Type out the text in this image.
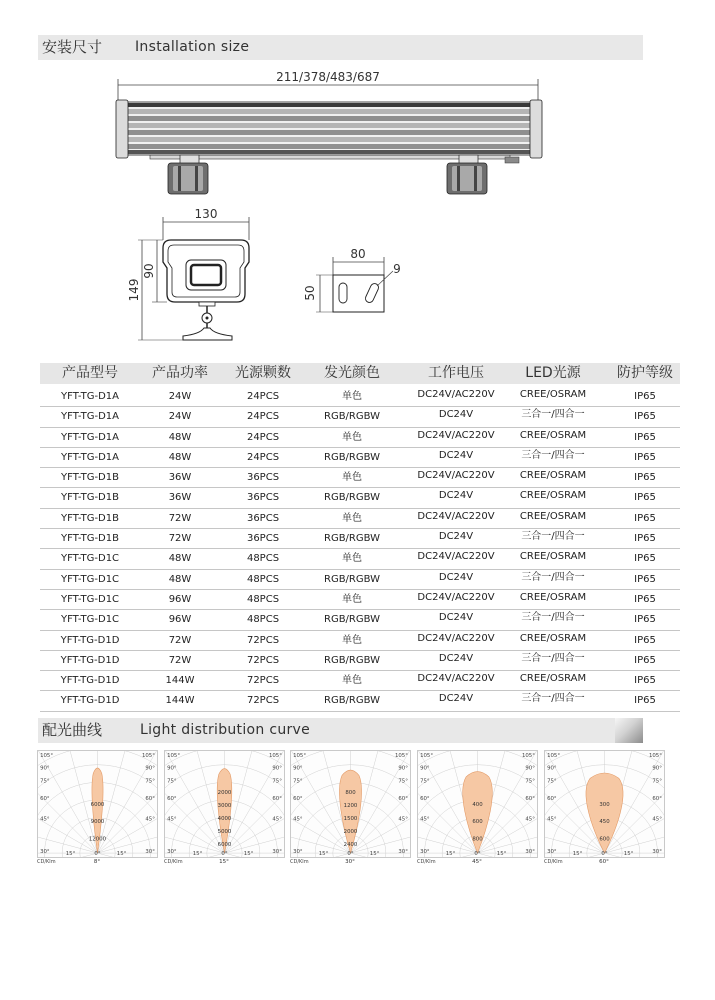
安装尺寸 Installation size
211/378/483/687
130
90
149
80
50
9
产品型号 产品功率 光源颗数 发光颜色	工作电压	LED光源	防护等级
YFT-TG-D1A	24W	24PCS	单色	DC24V/AC220V	CREE/OSRAM	IP65
YFT-TG-D1A	24W	24PCS	RGB/RGBW	DC24V	三合一/四合一	IP65
YFT-TG-D1A	48W	24PCS	单色	DC24V/AC220V	CREE/OSRAM	IP65
YFT-TG-D1A	48W	24PCS	RGB/RGBW	DC24V	三合一/四合一	IP65
YFT-TG-D1B	36W	36PCS	单色	DC24V/AC220V	CREE/OSRAM	IP65
YFT-TG-D1B	36W	36PCS	RGB/RGBW	DC24V	CREE/OSRAM	IP65
YFT-TG-D1B	72W	36PCS	单色	DC24V/AC220V	CREE/OSRAM	IP65
YFT-TG-D1B	72W	36PCS	RGB/RGBW	DC24V	三合一/四合一	IP65
YFT-TG-D1C	48W	48PCS	单色	DC24V/AC220V	CREE/OSRAM	IP65
YFT-TG-D1C	48W	48PCS	RGB/RGBW	DC24V	三合一/四合一	IP65
YFT-TG-D1C	96W	48PCS	单色	DC24V/AC220V	CREE/OSRAM	IP65
YFT-TG-D1C	96W	48PCS	RGB/RGBW	DC24V	三合一/四合一	IP65
YFT-TG-D1D	72W	72PCS	单色	DC24V/AC220V	CREE/OSRAM	IP65
YFT-TG-D1D	72W	72PCS	RGB/RGBW	DC24V	三合一/四合一	IP65
YFT-TG-D1D	144W	72PCS	单色	DC24V/AC220V	CREE/OSRAM	IP65
YFT-TG-D1D	144W	72PCS	RGB/RGBW	DC24V	三合一/四合一	IP65
配光曲线	Light distribution curve
105°	105°
90°	90°
75°	75°
60°	60°
45°	45°
30°	30°
15°	0°	15°
6000
9000
12000
CD/Klm	8°
105°	105°
90°	90°
75°	75°
60°	60°
45°	45°
30°	30°
15°	0°	15°
2000
3000
4000
5000
6000
CD/Klm	15°
105°	105°
90°	90°
75°	75°
60°	60°
45°	45°
30°	30°
15°	0°	15°
800
1200
1500
2000
2400
CD/Klm	30°
105°	105°
90°	90°
75°	75°
60°	60°
45°	45°
30°	30°
15°	0°	15°
400
600
800
CD/Klm	45°
105°	105°
90°	90°
75°	75°
60°	60°
45°	45°
30°	30°
15°	0°	15°
300
450
600
CD/Klm	60°
